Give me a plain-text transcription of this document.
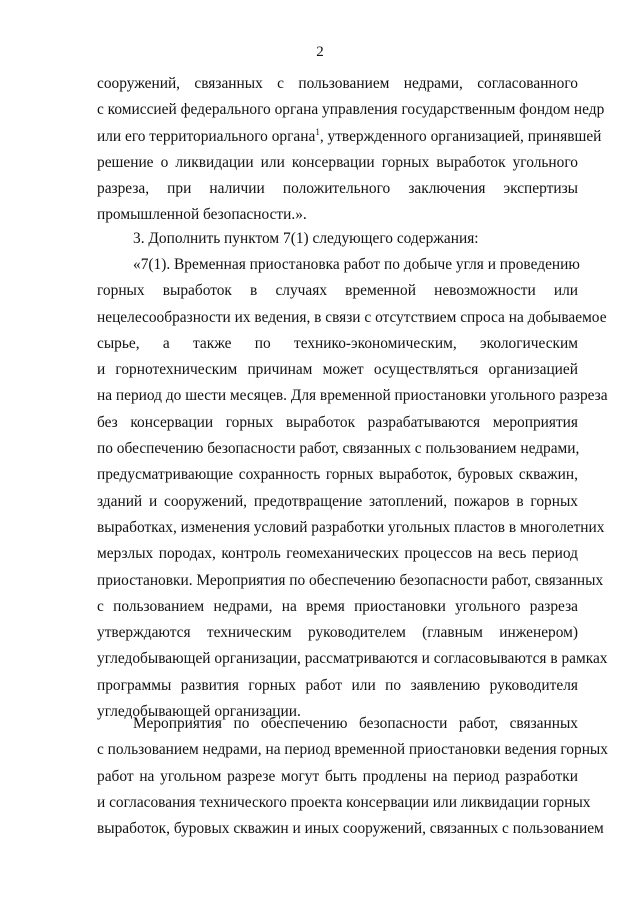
2
сооружений, связанных с пользованием недрами, согласованного
с комиссией федерального органа управления государственным фондом недр
или его территориального органа$^1$, утвержденного организацией, принявшей
решение о ликвидации или консервации горных выработок угольного
разреза, при наличии положительного заключения экспертизы
промышленной безопасности.».
3. Дополнить пунктом 7(1) следующего содержания:
«7(1). Временная приостановка работ по добыче угля и проведению
горных выработок в случаях временной невозможности или
нецелесообразности их ведения, в связи с отсутствием спроса на добываемое
сырье, а также по технико-экономическим, экологическим
и горнотехническим причинам может осуществляться организацией
на период до шести месяцев. Для временной приостановки угольного разреза
без консервации горных выработок разрабатываются мероприятия
по обеспечению безопасности работ, связанных с пользованием недрами,
предусматривающие сохранность горных выработок, буровых скважин,
зданий и сооружений, предотвращение затоплений, пожаров в горных
выработках, изменения условий разработки угольных пластов в многолетних
мерзлых породах, контроль геомеханических процессов на весь период
приостановки. Мероприятия по обеспечению безопасности работ, связанных
с пользованием недрами, на время приостановки угольного разреза
утверждаются техническим руководителем (главным инженером)
угледобывающей организации, рассматриваются и согласовываются в рамках
программы развития горных работ или по заявлению руководителя
угледобывающей организации.
Мероприятия по обеспечению безопасности работ, связанных
с пользованием недрами, на период временной приостановки ведения горных
работ на угольном разрезе могут быть продлены на период разработки
и согласования технического проекта консервации или ликвидации горных
выработок, буровых скважин и иных сооружений, связанных с пользованием
